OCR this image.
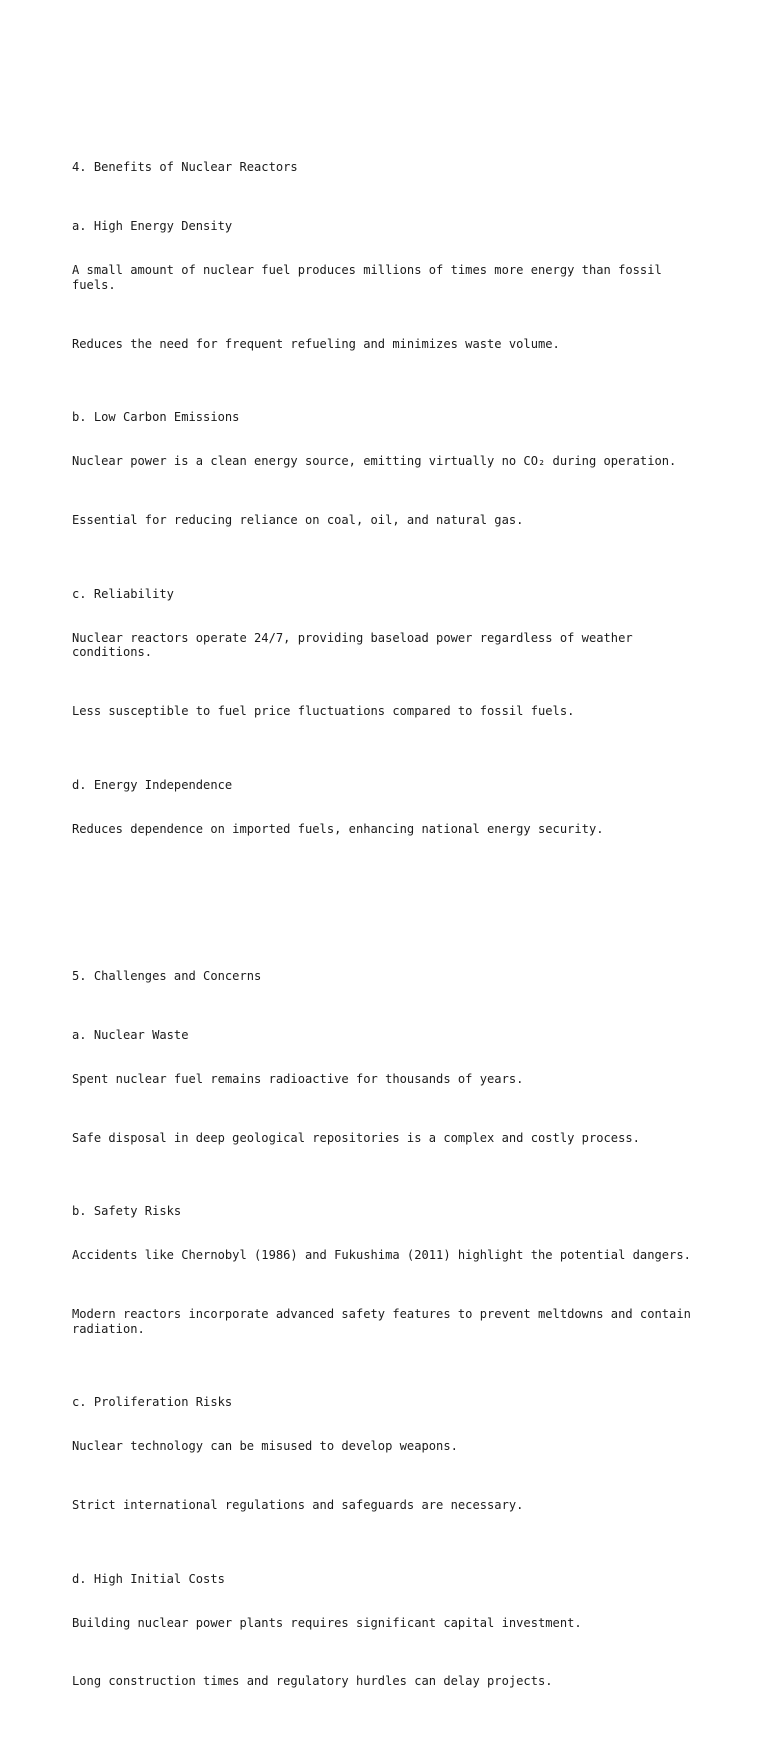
4. Benefits of Nuclear Reactors

a. High Energy Density

A small amount of nuclear fuel produces millions of times more energy than fossil fuels.

Reduces the need for frequent refueling and minimizes waste volume.

b. Low Carbon Emissions

Nuclear power is a clean energy source, emitting virtually no CO₂ during operation.

Essential for reducing reliance on coal, oil, and natural gas.

c. Reliability

Nuclear reactors operate 24/7, providing baseload power regardless of weather conditions.

Less susceptible to fuel price fluctuations compared to fossil fuels.

d. Energy Independence

Reduces dependence on imported fuels, enhancing national energy security.

5. Challenges and Concerns

a. Nuclear Waste

Spent nuclear fuel remains radioactive for thousands of years.

Safe disposal in deep geological repositories is a complex and costly process.

b. Safety Risks

Accidents like Chernobyl (1986) and Fukushima (2011) highlight the potential dangers.

Modern reactors incorporate advanced safety features to prevent meltdowns and contain radiation.

c. Proliferation Risks

Nuclear technology can be misused to develop weapons.

Strict international regulations and safeguards are necessary.

d. High Initial Costs

Building nuclear power plants requires significant capital investment.

Long construction times and regulatory hurdles can delay projects.
